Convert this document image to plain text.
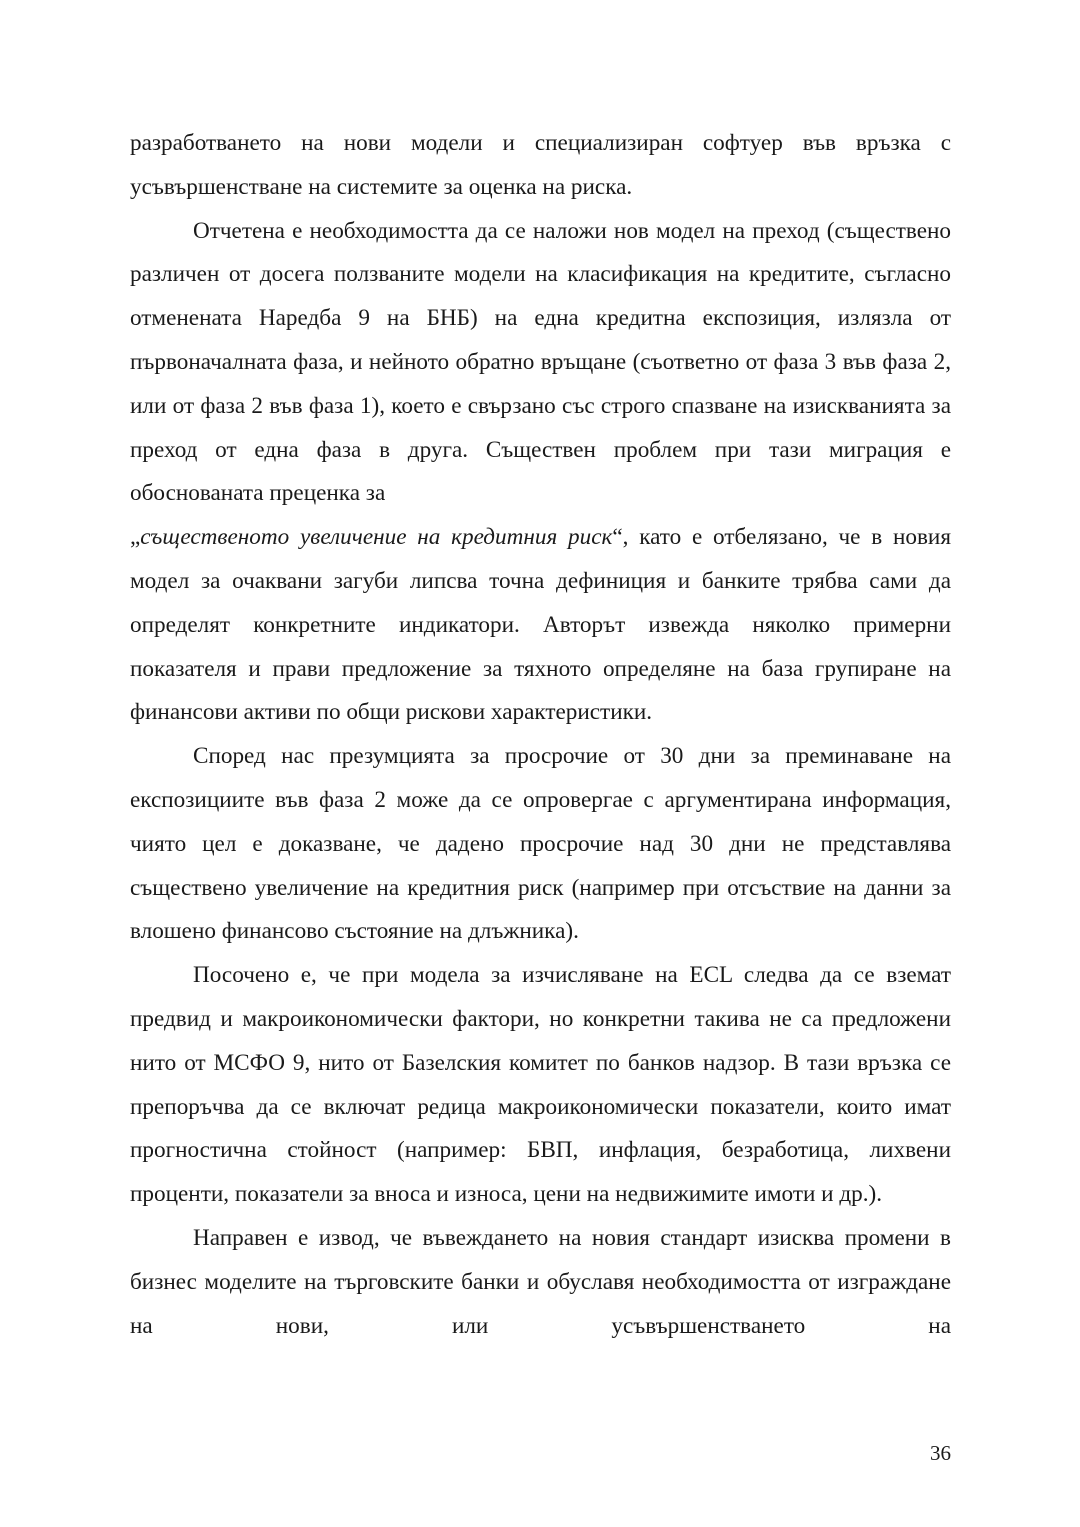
разработването на нови модели и специализиран софтуер във връзка с усъвършенстване на системите за оценка на риска.

Отчетена е необходимостта да се наложи нов модел на преход (съществено различен от досега ползваните модели на класификация на кредитите, съгласно отменената Наредба 9 на БНБ) на една кредитна експозиция, излязла от първоначалната фаза, и нейното обратно връщане (съответно от фаза 3 във фаза 2, или от фаза 2 във фаза 1), което е свързано със строго спазване на изискванията за преход от една фаза в друга. Съществен проблем при тази миграция е обоснованата преценка за

„същественото увеличение на кредитния риск“, като е отбелязано, че в новия модел за очаквани загуби липсва точна дефиниция и банките трябва сами да определят конкретните индикатори. Авторът извежда няколко примерни показателя и прави предложение за тяхното определяне на база групиране на финансови активи по общи рискови характеристики.

Според нас презумцията за просрочие от 30 дни за преминаване на експозициите във фаза 2 може да се опровергае с аргументирана информация, чиято цел е доказване, че дадено просрочие над 30 дни не представлява съществено увеличение на кредитния риск (например при отсъствие на данни за влошено финансово състояние на длъжника).

Посочено е, че при модела за изчисляване на ECL следва да се вземат предвид и макроикономически фактори, но конкретни такива не са предложени нито от МСФО 9, нито от Базелския комитет по банков надзор. В тази връзка се препоръчва да се включат редица макроикономически показатели, които имат прогностична стойност (например: БВП, инфлация, безработица, лихвени проценти, показатели за вноса и износа, цени на недвижимите имоти и др.).

Направен е извод, че въвеждането на новия стандарт изисква промени в бизнес моделите на търговските банки и обуславя необходимостта от изграждане на нови, или усъвършенстването на

36
